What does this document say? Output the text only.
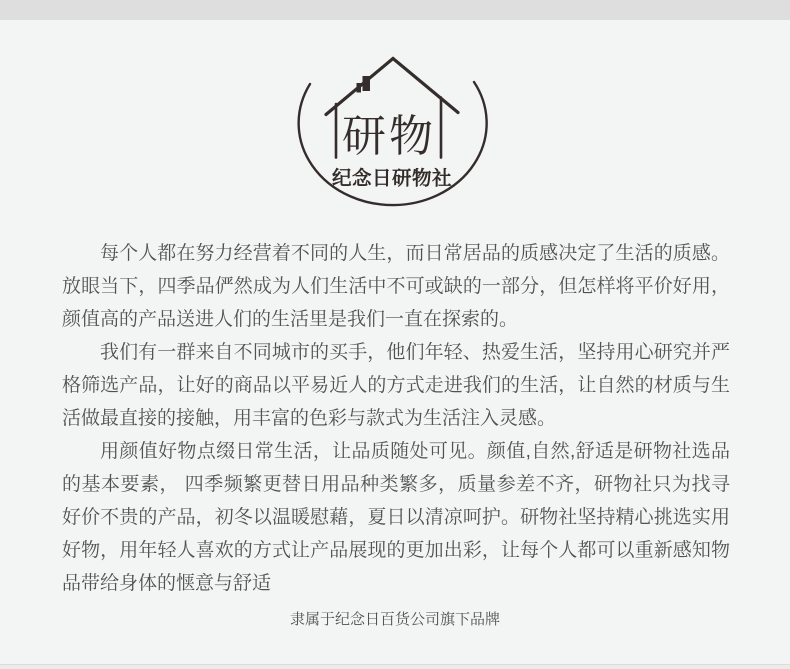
研物
纪念日研物社

每个人都在努力经营着不同的人生，而日常居品的质感决定了生活的质感。放眼当下，四季品俨然成为人们生活中不可或缺的一部分，但怎样将平价好用，颜值高的产品送进人们的生活里是我们一直在探索的。

我们有一群来自不同城市的买手，他们年轻、热爱生活，坚持用心研究并严格筛选产品，让好的商品以平易近人的方式走进我们的生活，让自然的材质与生活做最直接的接触，用丰富的色彩与款式为生活注入灵感。

用颜值好物点缀日常生活，让品质随处可见。颜值,自然,舒适是研物社选品的基本要素， 四季频繁更替日用品种类繁多，质量参差不齐，研物社只为找寻好价不贵的产品，初冬以温暖慰藉，夏日以清凉呵护。研物社坚持精心挑选实用好物，用年轻人喜欢的方式让产品展现的更加出彩，让每个人都可以重新感知物品带给身体的惬意与舒适

隶属于纪念日百货公司旗下品牌
